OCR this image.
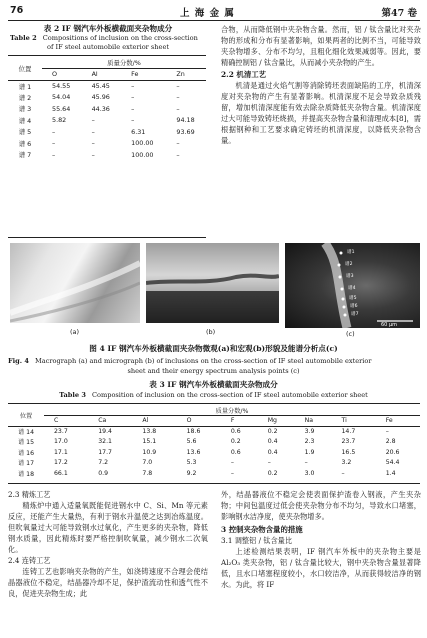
76	上 海 金 属	第47 卷
表 2 IF 钢汽车外板横截面夹杂物成分
Table 2 Compositions of inclusion on the cross-section
of IF steel automobile exterior sheet
位置	质量分数/%			
	O	Al	Fe	Zn
谱 1	54.55	45.45	–	–
谱 2	54.04	45.96	–	–
谱 3	55.64	44.36	–	–
谱 4	5.82	–	–	94.18
谱 5	–	–	6.31	93.69
谱 6	–	–	100.00	–
谱 7	–	–	100.00	–
合物，从而降低钢中夹杂物含量。然而，铝 / 钛含量比对夹杂物的形成和分布有显著影响，如果两者的比例不当，可能导致夹杂物增多、分布不均匀，且粗化细化效果减弱等。因此，要精确控制铝 / 钛含量比，从而减小夹杂物的产生。
2.2 机清工艺

机清是通过火焰气割等消除铸坯表面缺陷的工序，机清深度对夹杂物的产生有显著影响。机清深度不足会导致杂质残留，增加机清深度能有效去除杂质降低夹杂物含量。机清深度过大可能导致铸坯烧损，并提高夹杂物含量和清理成本[8]，需根据钢种和工艺要求确定铸坯的机清深度，以降低夹杂物含量。

谱1
谱2
谱3
谱4
谱5
谱6
谱7
60 μm
(a)	(b)	(c)
图 4 IF 钢汽车外板横截面夹杂物微观(a)和宏观(b)形貌及能谱分析点(c)
Fig. 4 Macrograph (a) and micrograph (b) of inclusions on the cross-section of IF steel automobile exterior
sheet and their energy spectrum analysis points (c)
表 3 IF 钢汽车外板横截面夹杂物成分
Table 3 Composition of inclusion on the cross-section of IF steel automobile exterior sheet
位置	质量分数/%								
	C	Ca	Al	O	F	Mg	Na	Ti	Fe
谱 14	23.7	19.4	13.8	18.6	0.6	0.2	3.9	14.7	–
谱 15	17.0	32.1	15.1	5.6	0.2	0.4	2.3	23.7	2.8
谱 16	17.1	17.7	10.9	13.6	0.6	0.4	1.9	16.5	20.6
谱 17	17.2	7.2	7.0	5.3	–	–	–	3.2	54.4
谱 18	66.1	0.9	7.8	9.2	–	0.2	3.0	–	1.4
2.3 精炼工艺

精炼炉中通入适量氧既能促进钢水中 C、Si、Mn 等元素反应，还能产生大量热，有利于钢水升温使之达到冶炼温度。但吹氧量过大可能导致钢水过氧化，产生更多的夹杂物，降低钢水质量，因此精炼时要严格控制吹氧量，减少钢水二次氧化。

2.4 连铸工艺

连铸工艺也影响夹杂物的产生，如浇铸速度不合理会使结晶器液位不稳定，结晶器冷却不足，保护渣流动性和透气性不良，促进夹杂物生成；此

外，结晶器液位不稳定会使表面保护渣卷入钢液，产生夹杂物；中间包温度过低会使夹杂物分布不均匀，导致水口堵塞，影响钢水洁净度，使夹杂物增多。
3 控制夹杂物含量的措施
3.1 调整铝 / 钛含量比

上述检测结果表明，IF 钢汽车外板中的夹杂物主要是 Al₂O₃ 类夹杂物，铝 / 钛含量比较大，钢中夹杂物含量显著降低，且水口堵塞程度较小，水口较洁净，从而获得较洁净的钢水。为此，将 IF
